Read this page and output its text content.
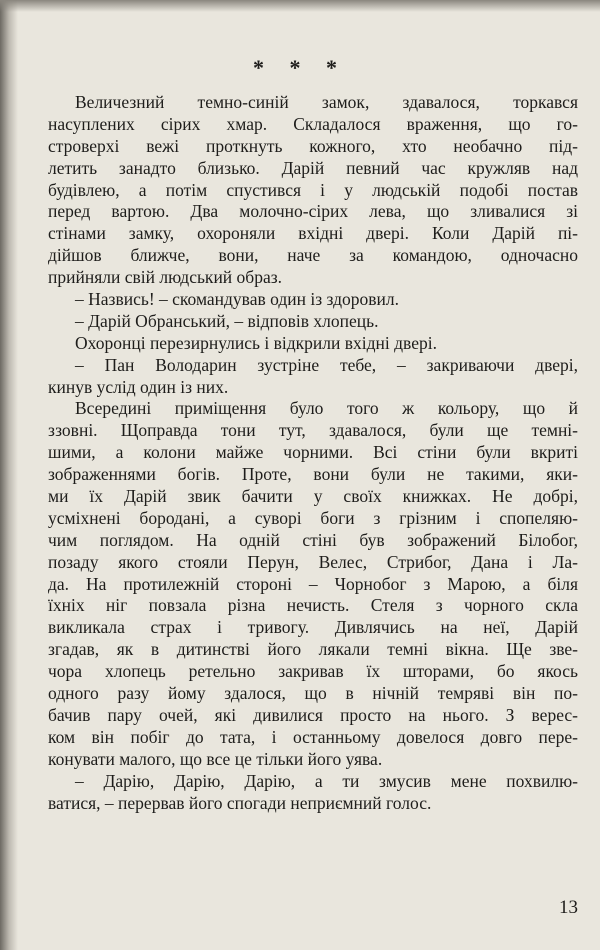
* * *
Величезний темно-синій замок, здавалося, торкався
насуплених сірих хмар. Складалося враження, що го-
строверхі вежі проткнуть кожного, хто необачно під-
летить занадто близько. Дарій певний час кружляв над
будівлею, а потім спустився і у людській подобі постав
перед вартою. Два молочно-сірих лева, що зливалися зі
стінами замку, охороняли вхідні двері. Коли Дарій пі-
дійшов ближче, вони, наче за командою, одночасно
прийняли свій людський образ.
– Назвись! – скомандував один із здоровил.
– Дарій Обранський, – відповів хлопець.
Охоронці перезирнулись і відкрили вхідні двері.
– Пан Володарин зустріне тебе, – закриваючи двері,
кинув услід один із них.
Всередині приміщення було того ж кольору, що й
ззовні. Щоправда тони тут, здавалося, були ще темні-
шими, а колони майже чорними. Всі стіни були вкриті
зображеннями богів. Проте, вони були не такими, яки-
ми їх Дарій звик бачити у своїх книжках. Не добрі,
усміхнені бородані, а суворі боги з грізним і спопеляю-
чим поглядом. На одній стіні був зображений Білобог,
позаду якого стояли Перун, Велес, Стрибог, Дана і Ла-
да. На протилежній стороні – Чорнобог з Марою, а біля
їхніх ніг повзала різна нечисть. Стеля з чорного скла
викликала страх і тривогу. Дивлячись на неї, Дарій
згадав, як в дитинстві його лякали темні вікна. Ще зве-
чора хлопець ретельно закривав їх шторами, бо якось
одного разу йому здалося, що в нічній темряві він по-
бачив пару очей, які дивилися просто на нього. З верес-
ком він побіг до тата, і останньому довелося довго пере-
конувати малого, що все це тільки його уява.
– Дарію, Дарію, Дарію, а ти змусив мене похвилю-
ватися, – перервав його спогади неприємний голос.
13
